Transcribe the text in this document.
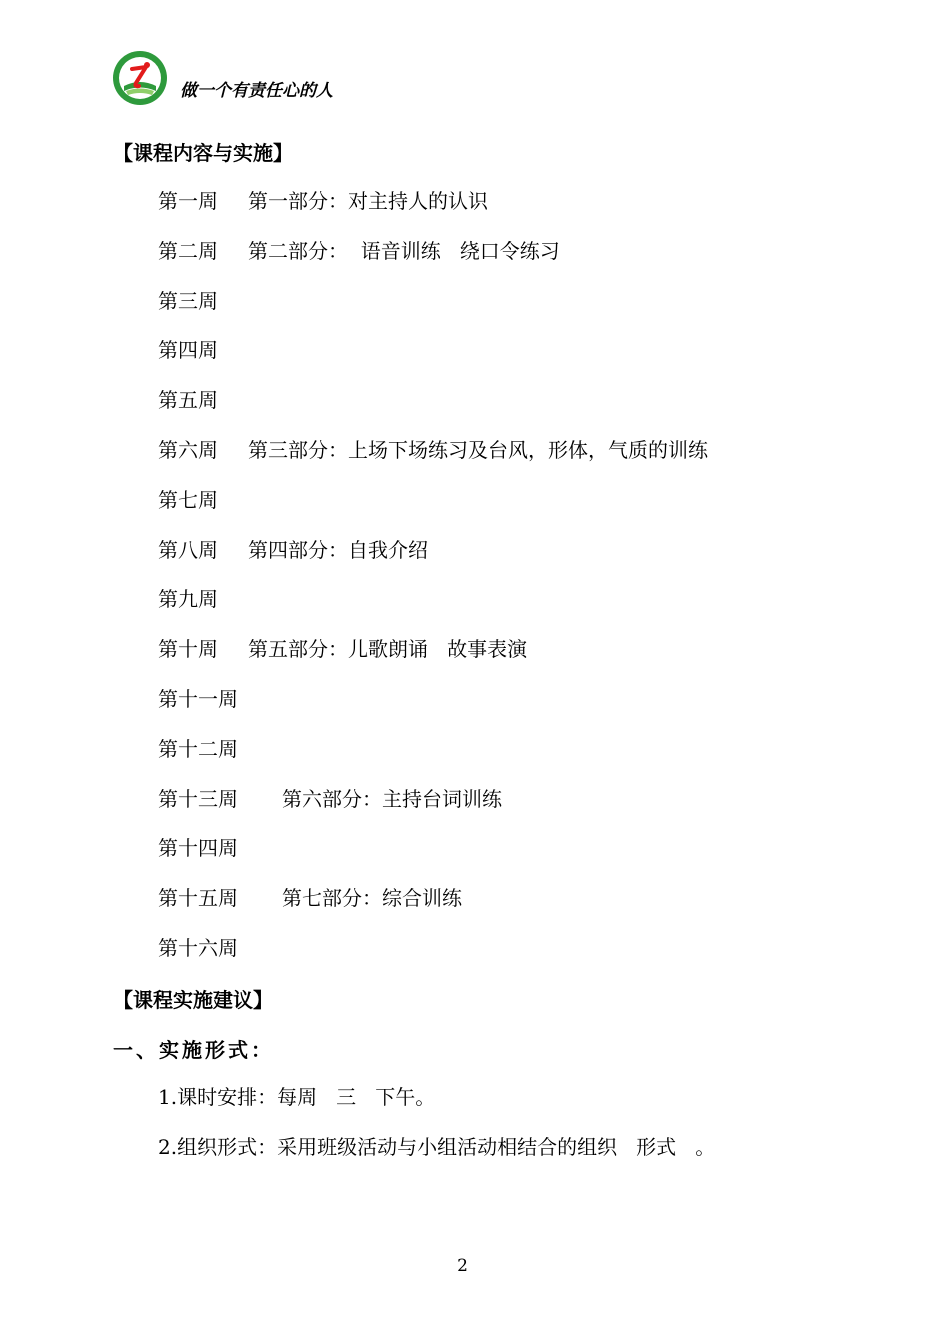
做一个有责任心的人
【课程内容与实施】
第一周 第一部分：对主持人的认识
第二周 第二部分：  语音训练   绕口令练习
第三周
第四周
第五周
第六周 第三部分：上场下场练习及台风，形体，气质的训练
第七周
第八周 第四部分：自我介绍
第九周
第十周 第五部分：儿歌朗诵   故事表演
第十一周
第十二周
第十三周 第六部分：主持台词训练
第十四周
第十五周 第七部分：综合训练
第十六周
【课程实施建议】
一、实施形式：
1.课时安排：每周   三   下午。
2.组织形式：采用班级活动与小组活动相结合的组织   形式   。
2
